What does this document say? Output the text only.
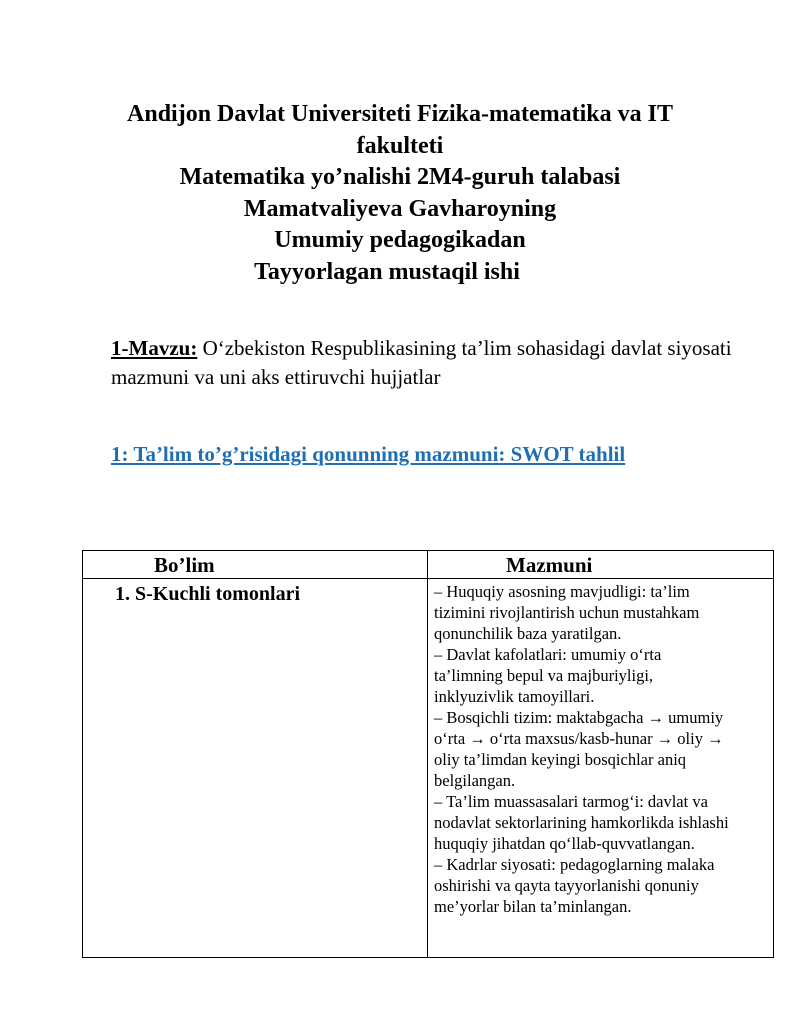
Andijon Davlat Universiteti Fizika-matematika va IT
fakulteti
Matematika yo’nalishi 2M4-guruh talabasi
Mamatvaliyeva Gavharoyning
Umumiy pedagogikadan
Tayyorlagan mustaqil ishi
1-Mavzu: O‘zbekiston Respublikasining ta’lim sohasidagi davlat siyosati mazmuni va uni aks ettiruvchi hujjatlar
1: Ta’lim to’g’risidagi qonunning mazmuni: SWOT tahlil
Bo’lim	Mazmuni
1. S-Kuchli tomonlari	– Huquqiy asosning mavjudligi: ta’lim
tizimini rivojlantirish uchun mustahkam
qonunchilik baza yaratilgan.
– Davlat kafolatlari: umumiy o‘rta
ta’limning bepul va majburiyligi,
inklyuzivlik tamoyillari.
– Bosqichli tizim: maktabgacha → umumiy
o‘rta → o‘rta maxsus/kasb-hunar → oliy →
oliy ta’limdan keyingi bosqichlar aniq
belgilangan.
– Ta’lim muassasalari tarmog‘i: davlat va
nodavlat sektorlarining hamkorlikda ishlashi
huquqiy jihatdan qo‘llab-quvvatlangan.
– Kadrlar siyosati: pedagoglarning malaka
oshirishi va qayta tayyorlanishi qonuniy
me’yorlar bilan ta’minlangan.
